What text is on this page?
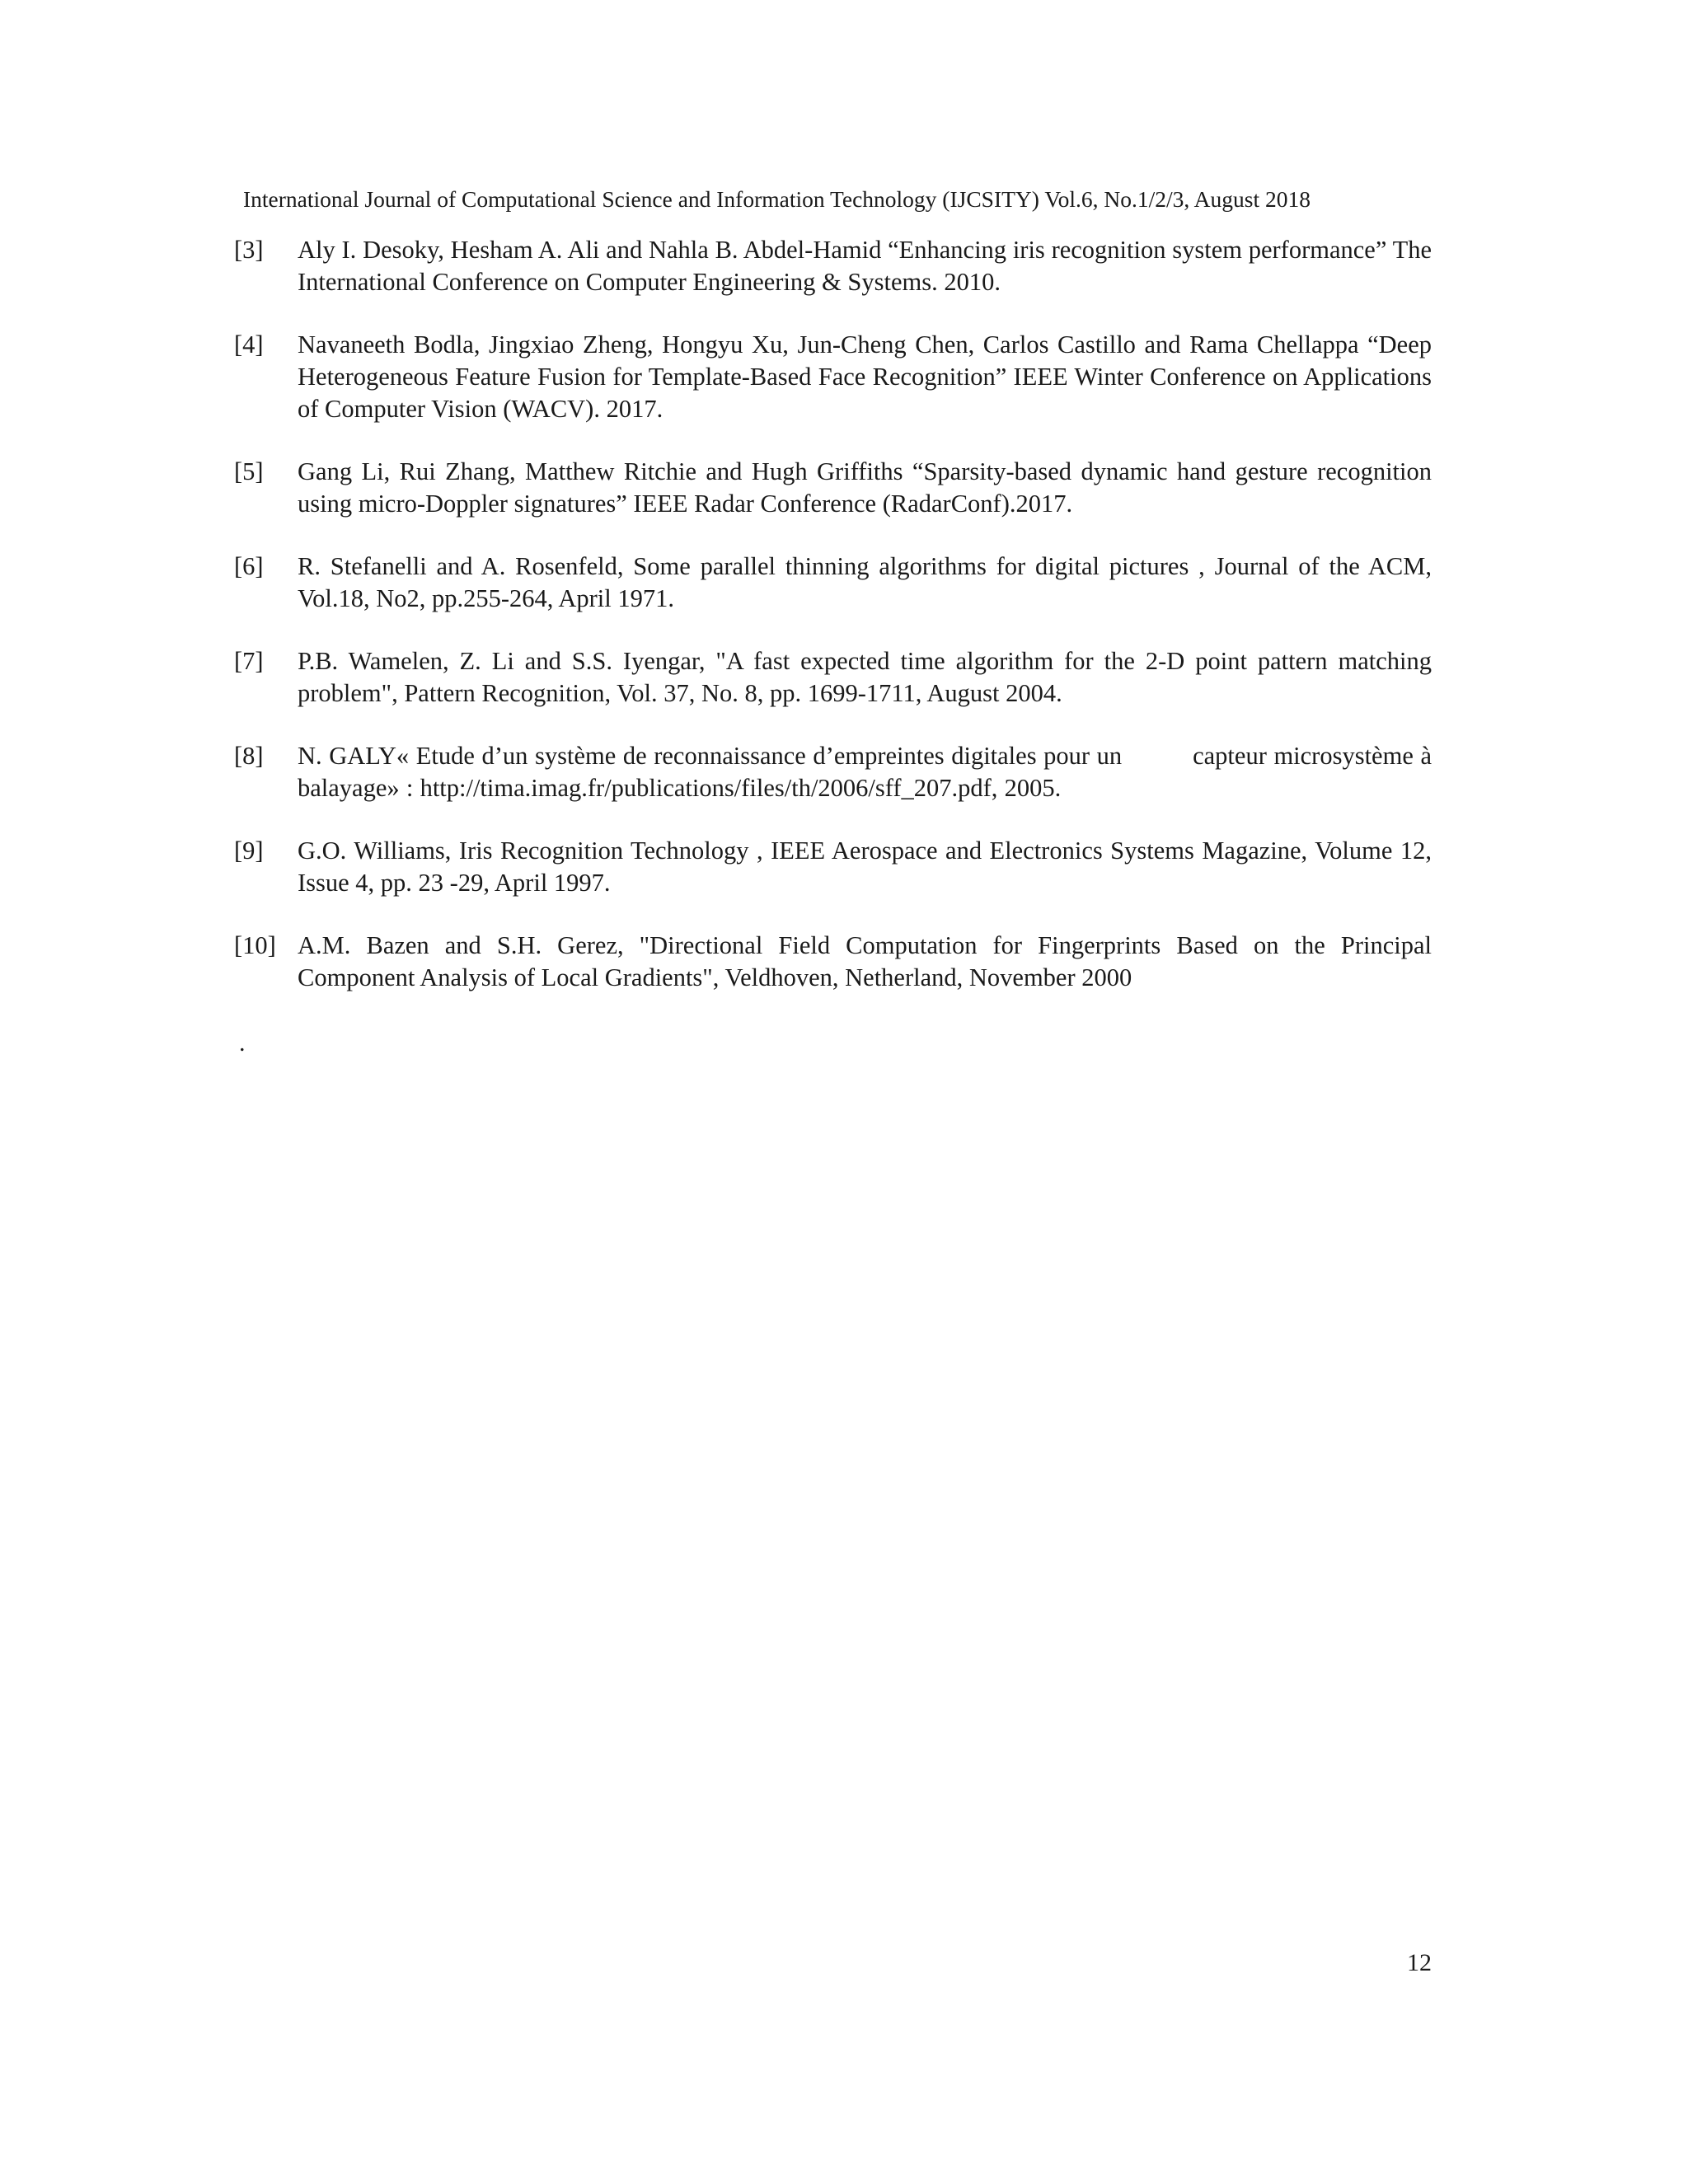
International Journal of Computational Science and Information Technology (IJCSITY) Vol.6, No.1/2/3, August 2018
[3] Aly I. Desoky, Hesham A. Ali and Nahla B. Abdel-Hamid “Enhancing iris recognition system performance” The International Conference on Computer Engineering & Systems. 2010.
[4] Navaneeth Bodla, Jingxiao Zheng, Hongyu Xu, Jun-Cheng Chen, Carlos Castillo and Rama Chellappa “Deep Heterogeneous Feature Fusion for Template-Based Face Recognition” IEEE Winter Conference on Applications of Computer Vision (WACV). 2017.
[5] Gang Li, Rui Zhang, Matthew Ritchie and Hugh Griffiths “Sparsity-based dynamic hand gesture recognition using micro-Doppler signatures” IEEE Radar Conference (RadarConf).2017.
[6] R. Stefanelli and A. Rosenfeld, Some parallel thinning algorithms for digital pictures , Journal of the ACM, Vol.18, No2, pp.255-264, April 1971.
[7] P.B. Wamelen, Z. Li and S.S. Iyengar, "A fast expected time algorithm for the 2-D point pattern matching problem", Pattern Recognition, Vol. 37, No. 8, pp. 1699-1711, August 2004.
[8] N. GALY« Etude d’un système de reconnaissance d’empreintes digitales pour un          capteur microsystème à balayage» : http://tima.imag.fr/publications/files/th/2006/sff_207.pdf, 2005.
[9] G.O. Williams, Iris Recognition Technology , IEEE Aerospace and Electronics Systems Magazine, Volume 12, Issue 4, pp. 23 -29, April 1997.
[10] A.M. Bazen and S.H. Gerez, "Directional Field Computation for Fingerprints Based on the Principal Component Analysis of Local Gradients", Veldhoven, Netherland, November 2000
.
12
